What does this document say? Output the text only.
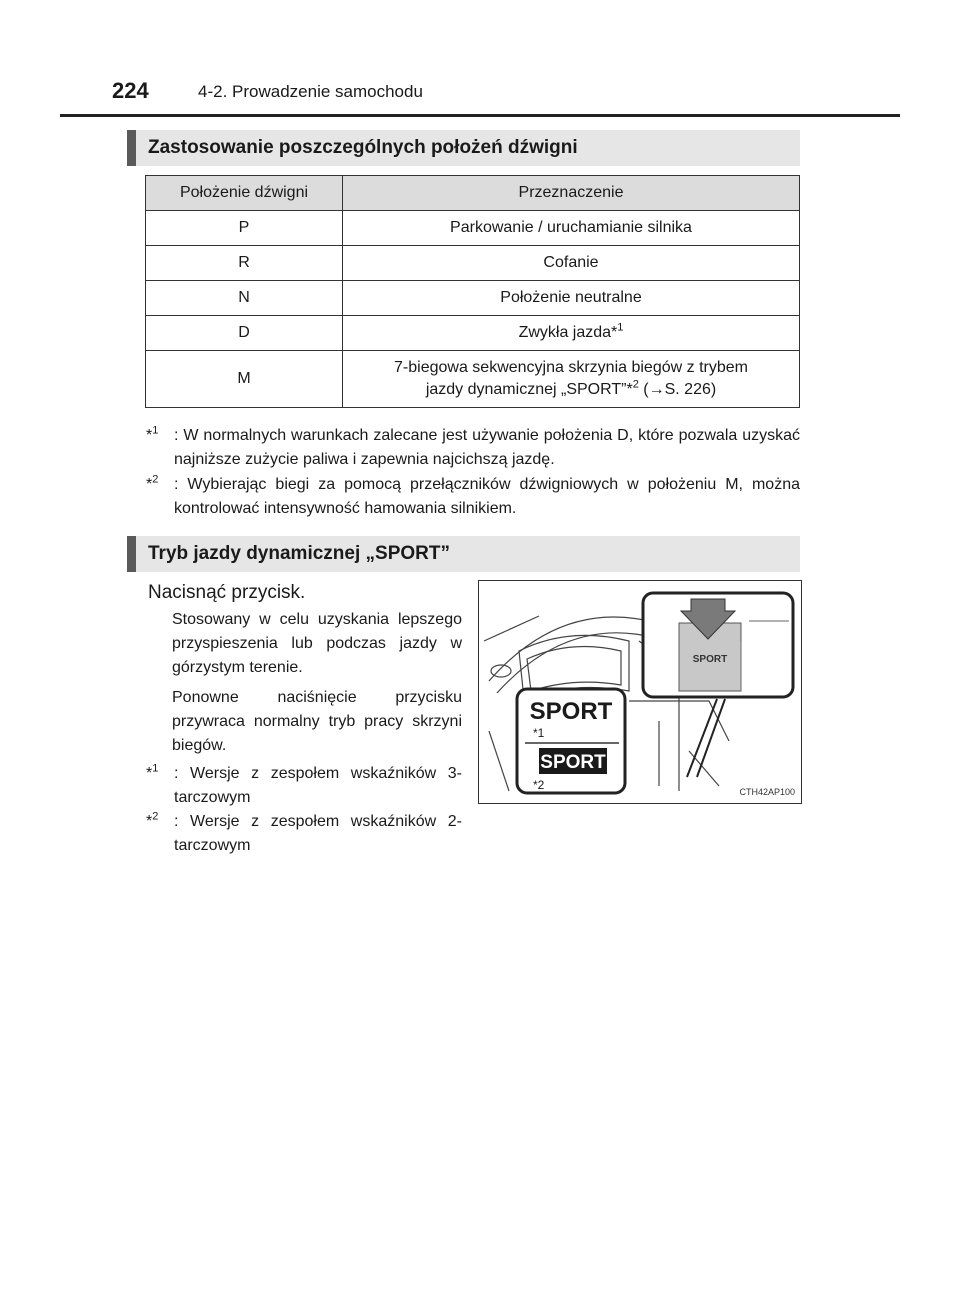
224	4-2. Prowadzenie samochodu
Zastosowanie poszczególnych położeń dźwigni
Położenie dźwigni	Przeznaczenie
P	Parkowanie / uruchamianie silnika
R	Cofanie
N	Położenie neutralne
D	Zwykła jazda*$^1$
M	7-biegowa sekwencyjna skrzynia biegów z trybem
jazdy dynamicznej „SPORT”*$^2$ (→S. 226)
*$^1$ : W normalnych warunkach zalecane jest używanie położenia D, które pozwala uzyskać najniższe zużycie paliwa i zapewnia najcichszą jazdę.
*$^2$ : Wybierając biegi za pomocą przełączników dźwigniowych w położeniu M, można kontrolować intensywność hamowania silnikiem.
Tryb jazdy dynamicznej „SPORT”
Nacisnąć przycisk.
Stosowany w celu uzyskania lepszego przyspieszenia lub podczas jazdy w górzystym terenie.
Ponowne naciśnięcie przycisku przywraca normalny tryb pracy skrzyni biegów.
*$^1$ : Wersje z zespołem wskaźników 3-tarczowym
*$^2$ : Wersje z zespołem wskaźników 2-tarczowym
SPORT
SPORT
*1
SPORT
*2	CTH42AP100
